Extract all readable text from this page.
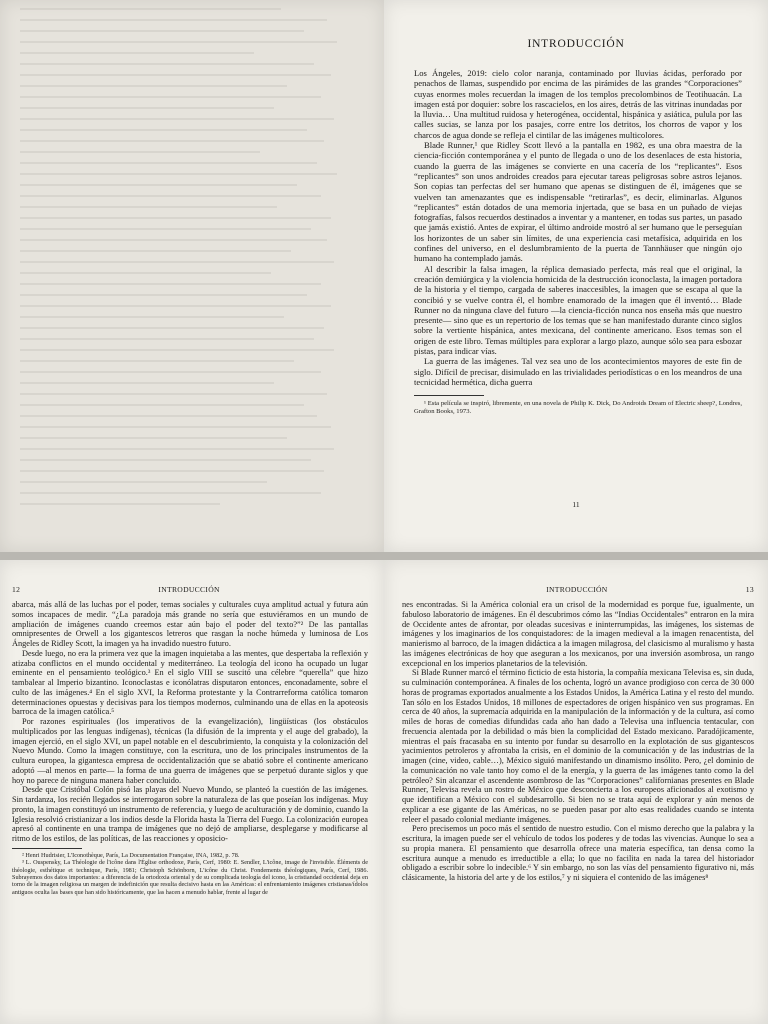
INTRODUCCIÓN

Los Ángeles, 2019: cielo color naranja, contaminado por lluvias ácidas, perforado por penachos de llamas, suspendido por encima de las pirámides de las grandes “Corporaciones” cuyas enormes moles recuerdan la imagen de los templos precolombinos de Teotihuacán. La imagen está por doquier: sobre los rascacielos, en los aires, detrás de las vitrinas inundadas por la lluvia… Una multitud ruidosa y heterogénea, occidental, hispánica y asiática, pulula por las calles sucias, se lanza por los pasajes, corre entre los detritos, los chorros de vapor y los charcos de agua donde se refleja el cintilar de las imágenes multicolores.

Blade Runner,¹ que Ridley Scott llevó a la pantalla en 1982, es una obra maestra de la ciencia-ficción contemporánea y el punto de llegada o uno de los desenlaces de esta historia, cuando la guerra de las imágenes se convierte en una cacería de los “replicantes”. Esos “replicantes” son unos androides creados para ejecutar tareas peligrosas sobre astros lejanos. Son copias tan perfectas del ser humano que apenas se distinguen de él, imágenes que se vuelven tan amenazantes que es indispensable “retirarlas”, es decir, eliminarlas. Algunos “replicantes” están dotados de una memoria injertada, que se basa en un puñado de viejas fotografías, falsos recuerdos destinados a inventar y a mantener, en todas sus partes, un pasado que jamás existió. Antes de expirar, el último androide mostró al ser humano que le perseguían los horizontes de un saber sin límites, de una experiencia casi metafísica, adquirida en los confines del universo, en el deslumbramiento de la puerta de Tannhäuser que ningún ojo humano ha contemplado jamás.

Al describir la falsa imagen, la réplica demasiado perfecta, más real que el original, la creación demiúrgica y la violencia homicida de la destrucción iconoclasta, la imagen portadora de la historia y el tiempo, cargada de saberes inaccesibles, la imagen que se escapa al que la concibió y se vuelve contra él, el hombre enamorado de la imagen que él inventó… Blade Runner no da ninguna clave del futuro —la ciencia-ficción nunca nos enseña más que nuestro presente— sino que es un repertorio de los temas que se han manifestado durante cinco siglos sobre la vertiente hispánica, antes mexicana, del continente americano. Esos temas son el origen de este libro. Temas múltiples para explorar a largo plazo, aunque sólo sea para esbozar pistas, para indicar vías.

La guerra de las imágenes. Tal vez sea uno de los acontecimientos mayores de este fin de siglo. Difícil de precisar, disimulado en las trivialidades periodísticas o en los meandros de una tecnicidad hermética, dicha guerra

¹ Esta película se inspiró, libremente, en una novela de Philip K. Dick, Do Androids Dream of Electric sheep?, Londres, Grafton Books, 1973.

11
12	INTRODUCCIÓN

abarca, más allá de las luchas por el poder, temas sociales y culturales cuya amplitud actual y futura aún somos incapaces de medir. “¿La paradoja más grande no sería que estuviéramos en un mundo de ampliación de imágenes cuando creemos estar aún bajo el poder del texto?”² De las pantallas omnipresentes de Orwell a los gigantescos letreros que rasgan la noche húmeda y luminosa de Los Ángeles de Ridley Scott, la imagen ya ha invadido nuestro futuro.

Desde luego, no era la primera vez que la imagen inquietaba a las mentes, que despertaba la reflexión y atizaba conflictos en el mundo occidental y mediterráneo. La teología del icono ha ocupado un lugar eminente en el pensamiento teológico.³ En el siglo VIII se suscitó una célebre “querella” que hizo tambalear al Imperio bizantino. Iconoclastas e iconólatras disputaron entonces, enconadamente, sobre el culto de las imágenes.⁴ En el siglo XVI, la Reforma protestante y la Contrarreforma católica tomaron determinaciones opuestas y decisivas para los tiempos modernos, culminando una de ellas en la apoteosis barroca de la imagen católica.⁵

Por razones espirituales (los imperativos de la evangelización), lingüísticas (los obstáculos multiplicados por las lenguas indígenas), técnicas (la difusión de la imprenta y el auge del grabado), la imagen ejerció, en el siglo XVI, un papel notable en el descubrimiento, la conquista y la colonización del Nuevo Mundo. Como la imagen constituye, con la escritura, uno de los principales instrumentos de la cultura europea, la gigantesca empresa de occidentalización que se abatió sobre el continente americano adoptó —al menos en parte— la forma de una guerra de imágenes que se perpetuó durante siglos y que hoy no parece de ninguna manera haber concluido.

Desde que Cristóbal Colón pisó las playas del Nuevo Mundo, se planteó la cuestión de las imágenes. Sin tardanza, los recién llegados se interrogaron sobre la naturaleza de las que poseían los indígenas. Muy pronto, la imagen constituyó un instrumento de referencia, y luego de aculturación y de dominio, cuando la Iglesia resolvió cristianizar a los indios desde la Florida hasta la Tierra del Fuego. La colonización europea apresó al continente en una trampa de imágenes que no dejó de ampliarse, desplegarse y modificarse al ritmo de los estilos, de las políticas, de las reacciones y oposicio-

² Henri Hudrisier, L'Iconothèque, París, La Documentation Française, INA, 1982, p. 78.

³ L. Ouspensky, La Théologie de l'icône dans l'Église orthodoxe, París, Cerf, 1980: E. Sendler, L'icône, image de l'invisible. Éléments de théologie, esthétique et technique, París, 1981; Christoph Schönborn, L'icône du Christ. Fondements théologiques, París, Cerf, 1986. Subrayemos dos datos importantes: a diferencia de la ortodoxia oriental y de su complicada teología del icono, la cristiandad occidental deja en torno de la imagen religiosa un margen de indefinición que resulta decisivo hasta en las Américas: el enfrentamiento imágenes cristianas/ídolos antiguos oculta las bases que han sido históricamente, que las hacen a menudo hablar, frente al lugar de

INTRODUCCIÓN	13

nes encontradas. Si la América colonial era un crisol de la modernidad es porque fue, igualmente, un fabuloso laboratorio de imágenes. En él descubrimos cómo las “Indias Occidentales” entraron en la mira de Occidente antes de afrontar, por oleadas sucesivas e ininterrumpidas, las imágenes, los sistemas de imágenes y los imaginarios de los conquistadores: de la imagen medieval a la imagen renacentista, del manierismo al barroco, de la imagen didáctica a la imagen milagrosa, del clasicismo al muralismo y hasta las imágenes electrónicas de hoy que aseguran a los mexicanos, por una inversión asombrosa, un rango excepcional en los imperios planetarios de la televisión.

Si Blade Runner marcó el término ficticio de esta historia, la compañía mexicana Televisa es, sin duda, su culminación contemporánea. A finales de los ochenta, logró un avance prodigioso con cerca de 30 000 horas de programas exportados anualmente a los Estados Unidos, la América Latina y el resto del mundo. Tan sólo en los Estados Unidos, 18 millones de espectadores de origen hispánico ven sus programas. En cerca de 40 años, la supremacía adquirida en la manipulación de la información y de la cultura, así como miles de horas de comedias difundidas cada año han dado a Televisa una influencia tentacular, con frecuencia alentada por la debilidad o más bien la complicidad del Estado mexicano. Paradójicamente, mientras el país fracasaba en su intento por fundar su desarrollo en la explotación de sus gigantescos yacimientos petroleros y afrontaba la crisis, en el dominio de la comunicación y de las industrias de la imagen (cine, video, cable…), México siguió manifestando un dinamismo insólito. Pero, ¿el dominio de la comunicación no vale tanto hoy como el de la energía, y la guerra de las imágenes tanto como la del petróleo? Sin alcanzar el ascendente asombroso de las “Corporaciones” californianas presentes en Blade Runner, Televisa revela un rostro de México que desconcierta a los europeos aficionados al exotismo y que identifican a México con el subdesarrollo. Si bien no se trata aquí de explorar y aún menos de explicar a ese gigante de las Américas, no se pueden pasar por alto esas realidades cuando se intenta releer el pasado colonial mediante imágenes.

Pero precisemos un poco más el sentido de nuestro estudio. Con el mismo derecho que la palabra y la escritura, la imagen puede ser el vehículo de todos los poderes y de todas las vivencias. Aunque lo sea a su propia manera. El pensamiento que desarrolla ofrece una materia específica, tan densa como la escritura aunque a menudo es irreductible a ella; lo que no facilita en nada la tarea del historiador obligado a escribir sobre lo indecible.⁶ Y sin embargo, no son las vías del pensamiento figurativo ni, más clásicamente, la historia del arte y de los estilos,⁷ y ni siquiera el contenido de las imágenes⁸
